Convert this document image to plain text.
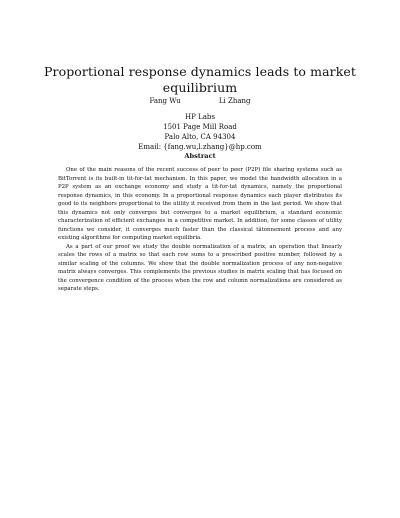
Proportional response dynamics leads to market equilibrium
Fang Wu	Li Zhang
HP Labs
1501 Page Mill Road
Palo Alto, CA 94304
Email: {fang.wu,l.zhang}@hp.com
Abstract

One of the main reasons of the recent success of peer to peer (P2P) file sharing systems such as BitTorrent is its built-in tit-for-tat mechanism. In this paper, we model the bandwidth allocation in a P2P system as an exchange economy and study a tit-for-tat dynamics, namely the proportional response dynamics, in this economy. In a proportional response dynamics each player distributes its good to its neighbors proportional to the utility it received from them in the last period. We show that this dynamics not only converges but converges to a market equilibrium, a standard economic characterization of efficient exchanges in a competitive market. In addition, for some classes of utility functions we consider, it converges much faster than the classical tâtonnement process and any existing algorithms for computing market equilibria.

As a part of our proof we study the double normalization of a matrix, an operation that linearly scales the rows of a matrix so that each row sums to a prescribed positive number, followed by a similar scaling of the columns. We show that the double normalization process of any non-negative matrix always converges. This complements the previous studies in matrix scaling that has focused on the convergence condition of the process when the row and column normalizations are considered as separate steps.
